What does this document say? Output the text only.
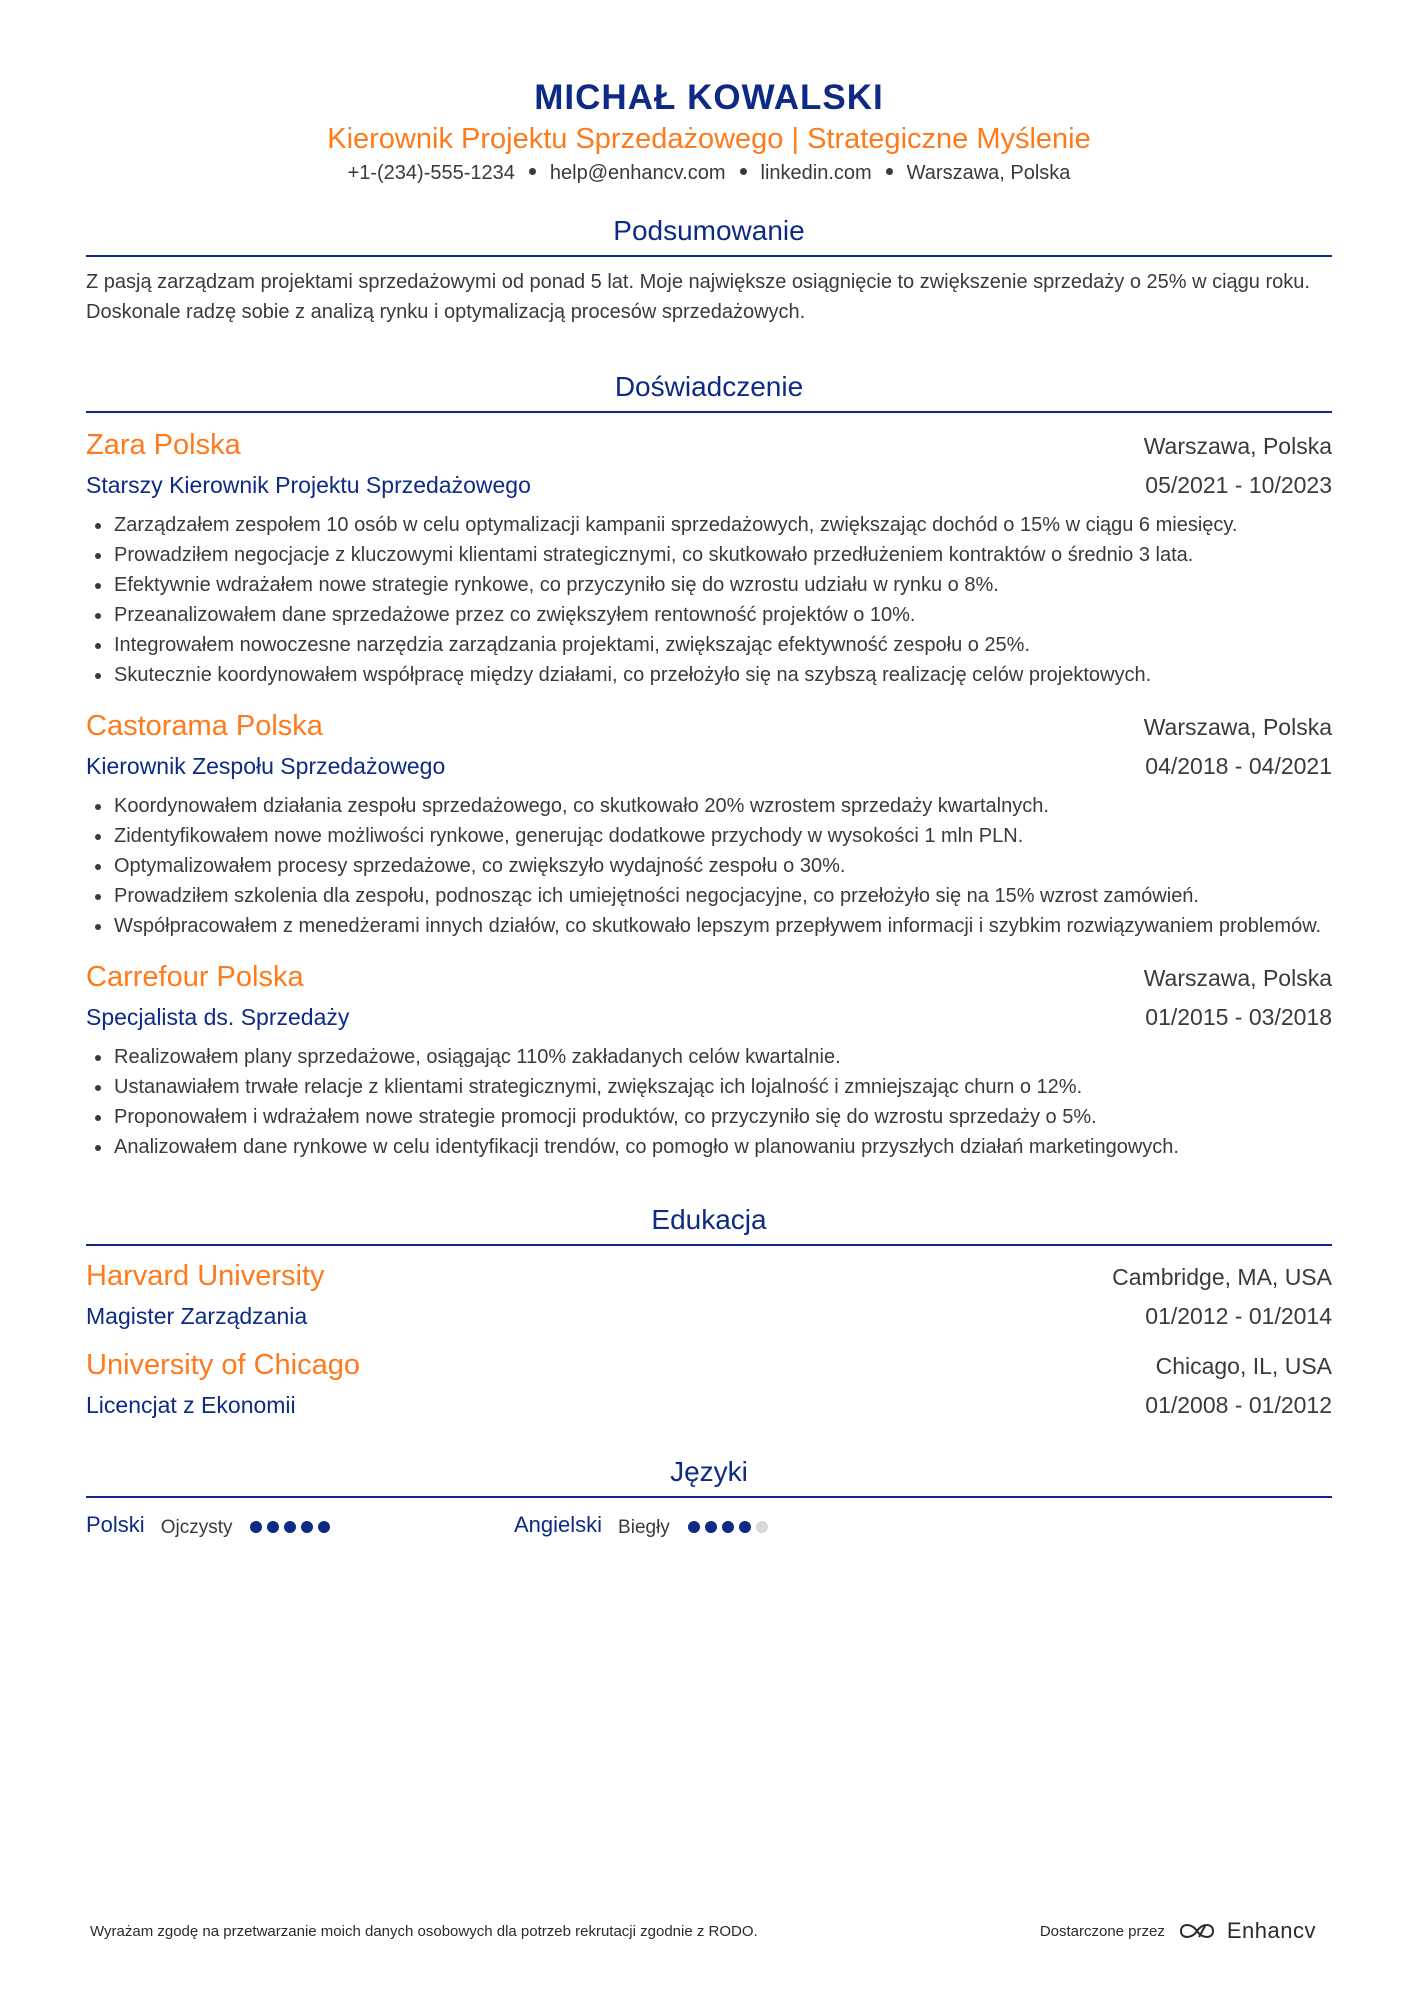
MICHAŁ KOWALSKI
Kierownik Projektu Sprzedażowego | Strategiczne Myślenie
+1-(234)-555-1234 help@enhancv.com linkedin.com Warszawa, Polska
Podsumowanie
Z pasją zarządzam projektami sprzedażowymi od ponad 5 lat. Moje największe osiągnięcie to zwiększenie sprzedaży o 25% w ciągu roku. Doskonale radzę sobie z analizą rynku i optymalizacją procesów sprzedażowych.
Doświadczenie
Zara Polska	Warszawa, Polska
Starszy Kierownik Projektu Sprzedażowego	05/2021 - 10/2023
Zarządzałem zespołem 10 osób w celu optymalizacji kampanii sprzedażowych, zwiększając dochód o 15% w ciągu 6 miesięcy.
Prowadziłem negocjacje z kluczowymi klientami strategicznymi, co skutkowało przedłużeniem kontraktów o średnio 3 lata.
Efektywnie wdrażałem nowe strategie rynkowe, co przyczyniło się do wzrostu udziału w rynku o 8%.
Przeanalizowałem dane sprzedażowe przez co zwiększyłem rentowność projektów o 10%.
Integrowałem nowoczesne narzędzia zarządzania projektami, zwiększając efektywność zespołu o 25%.
Skutecznie koordynowałem współpracę między działami, co przełożyło się na szybszą realizację celów projektowych.
Castorama Polska	Warszawa, Polska
Kierownik Zespołu Sprzedażowego	04/2018 - 04/2021
Koordynowałem działania zespołu sprzedażowego, co skutkowało 20% wzrostem sprzedaży kwartalnych.
Zidentyfikowałem nowe możliwości rynkowe, generując dodatkowe przychody w wysokości 1 mln PLN.
Optymalizowałem procesy sprzedażowe, co zwiększyło wydajność zespołu o 30%.
Prowadziłem szkolenia dla zespołu, podnosząc ich umiejętności negocjacyjne, co przełożyło się na 15% wzrost zamówień.
Współpracowałem z menedżerami innych działów, co skutkowało lepszym przepływem informacji i szybkim rozwiązywaniem problemów.
Carrefour Polska	Warszawa, Polska
Specjalista ds. Sprzedaży	01/2015 - 03/2018
Realizowałem plany sprzedażowe, osiągając 110% zakładanych celów kwartalnie.
Ustanawiałem trwałe relacje z klientami strategicznymi, zwiększając ich lojalność i zmniejszając churn o 12%.
Proponowałem i wdrażałem nowe strategie promocji produktów, co przyczyniło się do wzrostu sprzedaży o 5%.
Analizowałem dane rynkowe w celu identyfikacji trendów, co pomogło w planowaniu przyszłych działań marketingowych.
Edukacja
Harvard University	Cambridge, MA, USA
Magister Zarządzania	01/2012 - 01/2014
University of Chicago	Chicago, IL, USA
Licencjat z Ekonomii	01/2008 - 01/2012
Języki
Polski Ojczysty	Angielski Biegły
Wyrażam zgodę na przetwarzanie moich danych osobowych dla potrzeb rekrutacji zgodnie z RODO.	Dostarczone przez	Enhancv
